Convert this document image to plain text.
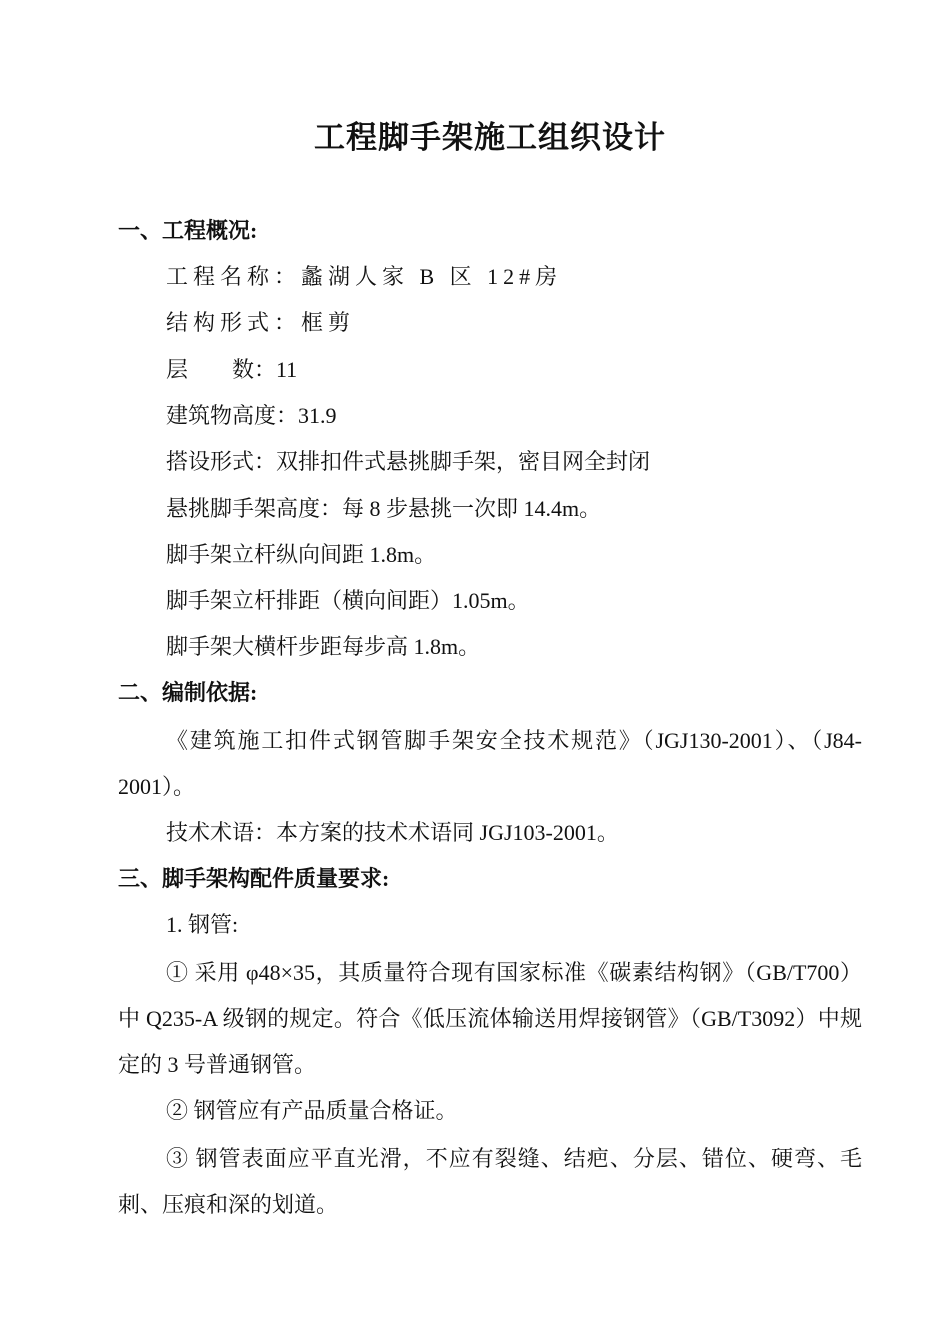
工程脚手架施工组织设计

一、工程概况:

工程名称：蠡湖人家 B 区 12#房

结构形式：框剪

层　　数：11

建筑物高度：31.9

搭设形式：双排扣件式悬挑脚手架，密目网全封闭

悬挑脚手架高度：每 8 步悬挑一次即 14.4m。

脚手架立杆纵向间距 1.8m。

脚手架立杆排距（横向间距）1.05m。

脚手架大横杆步距每步高 1.8m。

二、编制依据:

《建筑施工扣件式钢管脚手架安全技术规范》（JGJ130-2001）、（J84-2001）。

技术术语：本方案的技术术语同 JGJ103-2001。

三、脚手架构配件质量要求:

1. 钢管:

① 采用 φ48×35，其质量符合现有国家标准《碳素结构钢》（GB/T700）中 Q235-A 级钢的规定。符合《低压流体输送用焊接钢管》（GB/T3092）中规定的 3 号普通钢管。

② 钢管应有产品质量合格证。

③ 钢管表面应平直光滑，不应有裂缝、结疤、分层、错位、硬弯、毛刺、压痕和深的划道。
